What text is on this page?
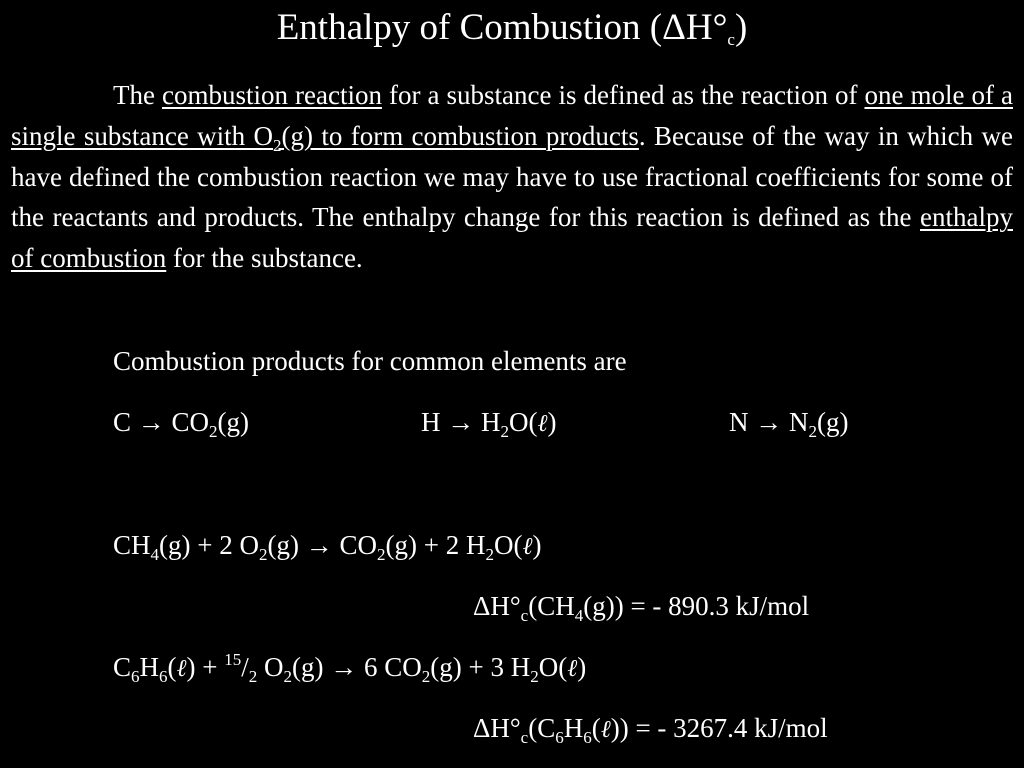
Enthalpy of Combustion $(\Delta H^\circ_c)$
The combustion reaction for a substance is defined as the reaction of one mole of a single substance with $O_2(g)$ to form combustion products. Because of the way in which we have defined the combustion reaction we may have to use fractional coefficients for some of the reactants and products. The enthalpy change for this reaction is defined as the enthalpy of combustion for the substance.
Combustion products for common elements are
$C \to CO_2(g)$	$H \to H_2O(\ell)$	$N \to N_2(g)$
$CH_4(g) + 2$ $O_2(g) \to CO_2(g) + 2$ $H_2O(\ell)$
$\Delta H^\circ_c(CH_4(g))$ = - 890.3 kJ/mol
$C_6H_6(\ell) + ^{15}/_2$ $O_2(g) \to 6$ $CO_2(g) + 3$ $H_2O(\ell)$
$\Delta H^\circ_c(C_6H_6(\ell))$ = - 3267.4 kJ/mol
